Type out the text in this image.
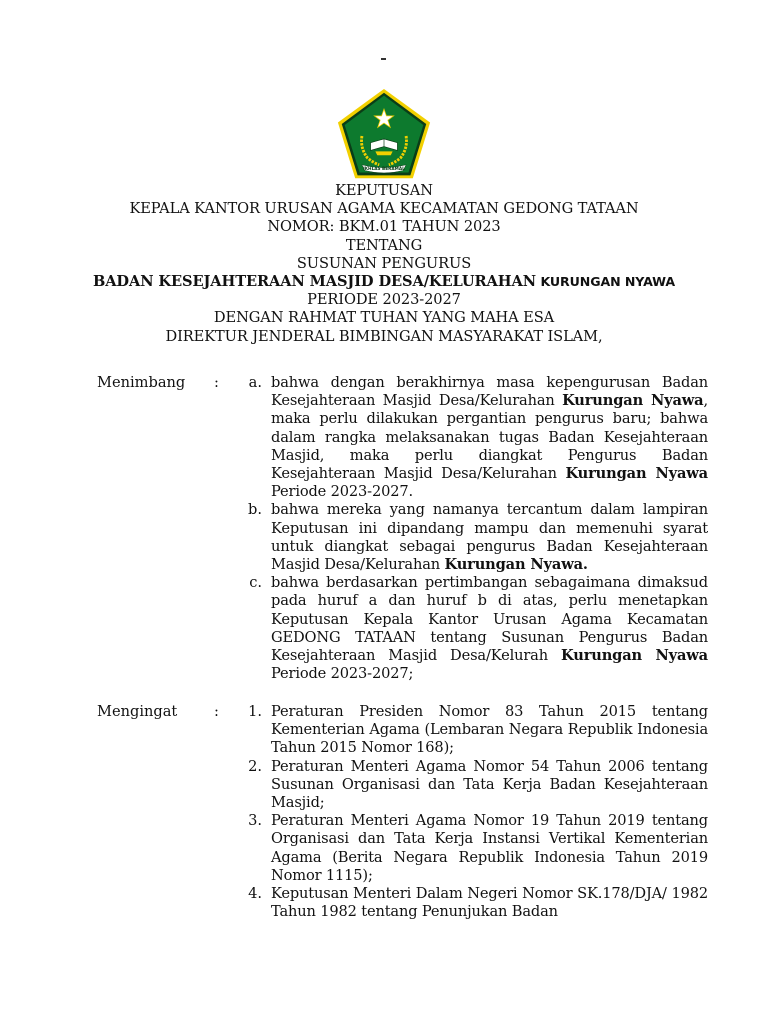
IKHLAS BERAMAL
KEPUTUSAN
KEPALA KANTOR URUSAN AGAMA KECAMATAN GEDONG TATAAN
NOMOR: BKM.01 TAHUN 2023
TENTANG
SUSUNAN PENGURUS
BADAN KESEJAHTERAAN MASJID DESA/KELURAHAN KURUNGAN NYAWA
PERIODE 2023-2027
DENGAN RAHMAT TUHAN YANG MAHA ESA
DIREKTUR JENDERAL BIMBINGAN MASYARAKAT ISLAM,
Menimbang :	a. bahwa dengan berakhirnya masa kepengurusan Badan Kesejahteraan Masjid Desa/Kelurahan Kurungan Nyawa, maka perlu dilakukan pergantian pengurus baru; bahwa dalam rangka melaksanakan tugas Badan Kesejahteraan Masjid, maka perlu diangkat Pengurus Badan Kesejahteraan Masjid Desa/Kelurahan Kurungan Nyawa Periode 2023-2027.
b. bahwa mereka yang namanya tercantum dalam lampiran Keputusan ini dipandang mampu dan memenuhi syarat untuk diangkat sebagai pengurus Badan Kesejahteraan Masjid Desa/Kelurahan Kurungan Nyawa.
c. bahwa berdasarkan pertimbangan sebagaimana dimaksud pada huruf a dan huruf b di atas, perlu menetapkan Keputusan Kepala Kantor Urusan Agama Kecamatan GEDONG TATAAN tentang Susunan Pengurus Badan Kesejahteraan Masjid Desa/Kelurah Kurungan Nyawa Periode 2023-2027;
Mengingat	:	1. Peraturan Presiden Nomor 83 Tahun 2015 tentang Kementerian Agama (Lembaran Negara Republik Indonesia Tahun 2015 Nomor 168);
2. Peraturan Menteri Agama Nomor 54 Tahun 2006 tentang Susunan Organisasi dan Tata Kerja Badan Kesejahteraan Masjid;
3. Peraturan Menteri Agama Nomor 19 Tahun 2019 tentang Organisasi dan Tata Kerja Instansi Vertikal Kementerian Agama (Berita Negara Republik Indonesia Tahun 2019 Nomor 1115);
4. Keputusan Menteri Dalam Negeri Nomor SK.178/DJA/ 1982 Tahun 1982 tentang Penunjukan Badan
